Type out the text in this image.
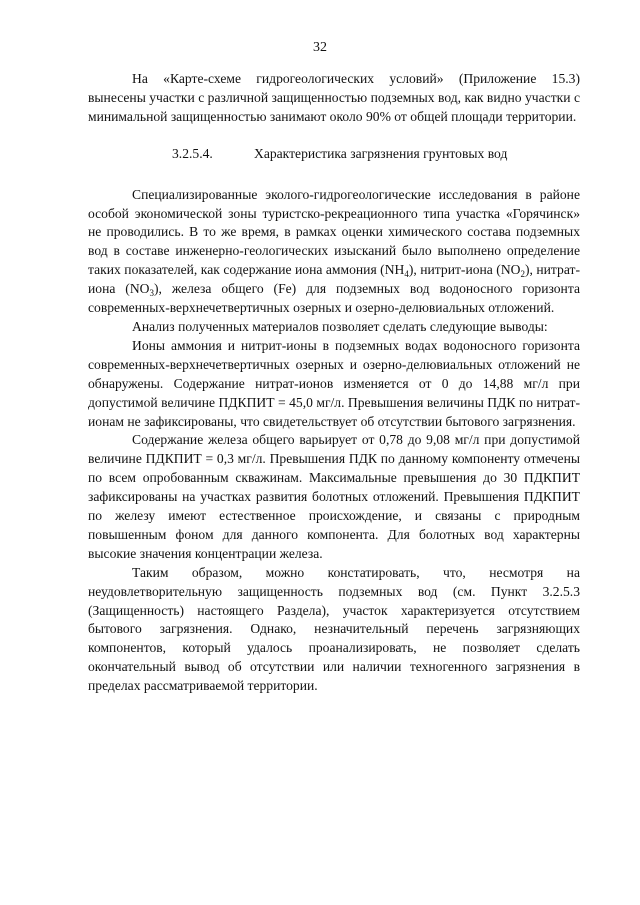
32

На «Карте-схеме гидрогеологических условий» (Приложение 15.3) вынесены участки с различной защищенностью подземных вод, как видно участки с минимальной защищенностью занимают около 90% от общей площади территории.

3.2.5.4.	Характеристика загрязнения грунтовых вод

Специализированные эколого-гидрогеологические исследования в районе особой экономической зоны туристско-рекреационного типа участка «Горячинск» не проводились. В то же время, в рамках оценки химического состава подземных вод в составе инженерно-геологических изысканий было выполнено определение таких показателей, как содержание иона аммония $(NH_4)$, нитрит-иона $(NO_2)$, нитрат-иона $(NO_3)$, железа общего (Fe) для подземных вод водоносного горизонта современных-верхнечетвертичных озерных и озерно-делювиальных отложений.

Анализ полученных материалов позволяет сделать следующие выводы:

Ионы аммония и нитрит-ионы в подземных водах водоносного горизонта современных-верхнечетвертичных озерных и озерно-делювиальных отложений не обнаружены. Содержание нитрат-ионов изменяется от 0 до 14,88 мг/л при допустимой величине ПДКПИТ = 45,0 мг/л. Превышения величины ПДК по нитрат-ионам не зафиксированы, что свидетельствует об отсутствии бытового загрязнения.

Содержание железа общего варьирует от 0,78 до 9,08 мг/л при допустимой величине ПДКПИТ = 0,3 мг/л. Превышения ПДК по данному компоненту отмечены по всем опробованным скважинам. Максимальные превышения до 30 ПДКПИТ зафиксированы на участках развития болотных отложений. Превышения ПДКПИТ по железу имеют естественное происхождение, и связаны с природным повышенным фоном для данного компонента. Для болотных вод характерны высокие значения концентрации железа.

Таким образом, можно констатировать, что, несмотря на неудовлетворительную защищенность подземных вод (см. Пункт 3.2.5.3 (Защищенность) настоящего Раздела), участок характеризуется отсутствием бытового загрязнения. Однако, незначительный перечень загрязняющих компонентов, который удалось проанализировать, не позволяет сделать окончательный вывод об отсутствии или наличии техногенного загрязнения в пределах рассматриваемой территории.
